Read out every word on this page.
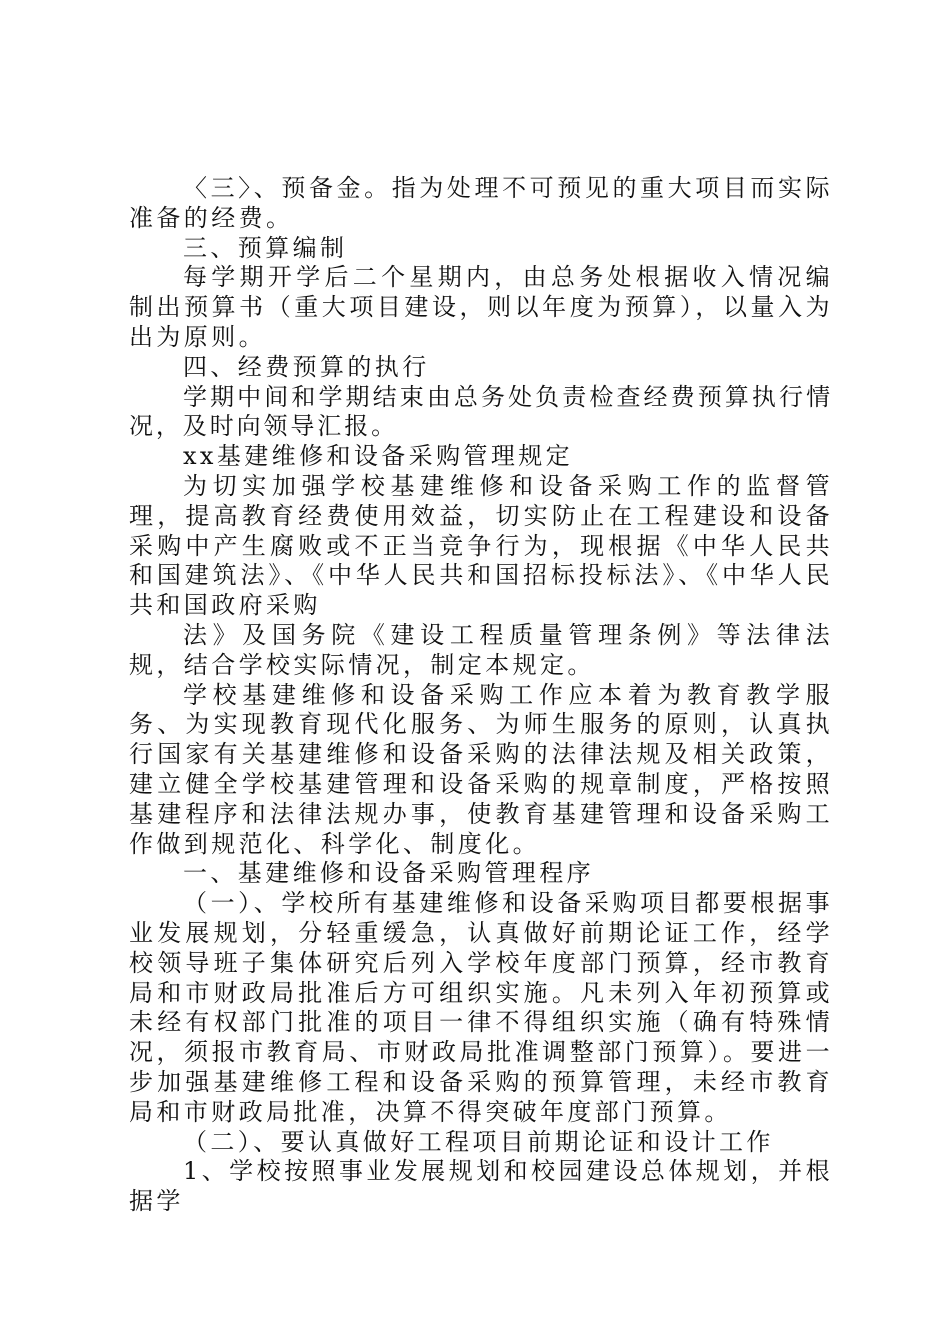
〈三〉、预备金。指为处理不可预见的重大项目而实际准备的经费。

三、预算编制

每学期开学后二个星期内，由总务处根据收入情况编制出预算书（重大项目建设，则以年度为预算），以量入为出为原则。

四、经费预算的执行

学期中间和学期结束由总务处负责检查经费预算执行情况，及时向领导汇报。

xx基建维修和设备采购管理规定

为切实加强学校基建维修和设备采购工作的监督管理，提高教育经费使用效益，切实防止在工程建设和设备采购中产生腐败或不正当竞争行为，现根据《中华人民共和国建筑法》、《中华人民共和国招标投标法》、《中华人民共和国政府采购

法》及国务院《建设工程质量管理条例》等法律法规，结合学校实际情况，制定本规定。

学校基建维修和设备采购工作应本着为教育教学服务、为实现教育现代化服务、为师生服务的原则，认真执行国家有关基建维修和设备采购的法律法规及相关政策，建立健全学校基建管理和设备采购的规章制度，严格按照基建程序和法律法规办事，使教育基建管理和设备采购工作做到规范化、科学化、制度化。

一、基建维修和设备采购管理程序

（一）、学校所有基建维修和设备采购项目都要根据事业发展规划，分轻重缓急，认真做好前期论证工作，经学校领导班子集体研究后列入学校年度部门预算，经市教育局和市财政局批准后方可组织实施。凡未列入年初预算或未经有权部门批准的项目一律不得组织实施（确有特殊情况，须报市教育局、市财政局批准调整部门预算）。要进一步加强基建维修工程和设备采购的预算管理，未经市教育局和市财政局批准，决算不得突破年度部门预算。

（二）、要认真做好工程项目前期论证和设计工作

1、学校按照事业发展规划和校园建设总体规划，并根据学
